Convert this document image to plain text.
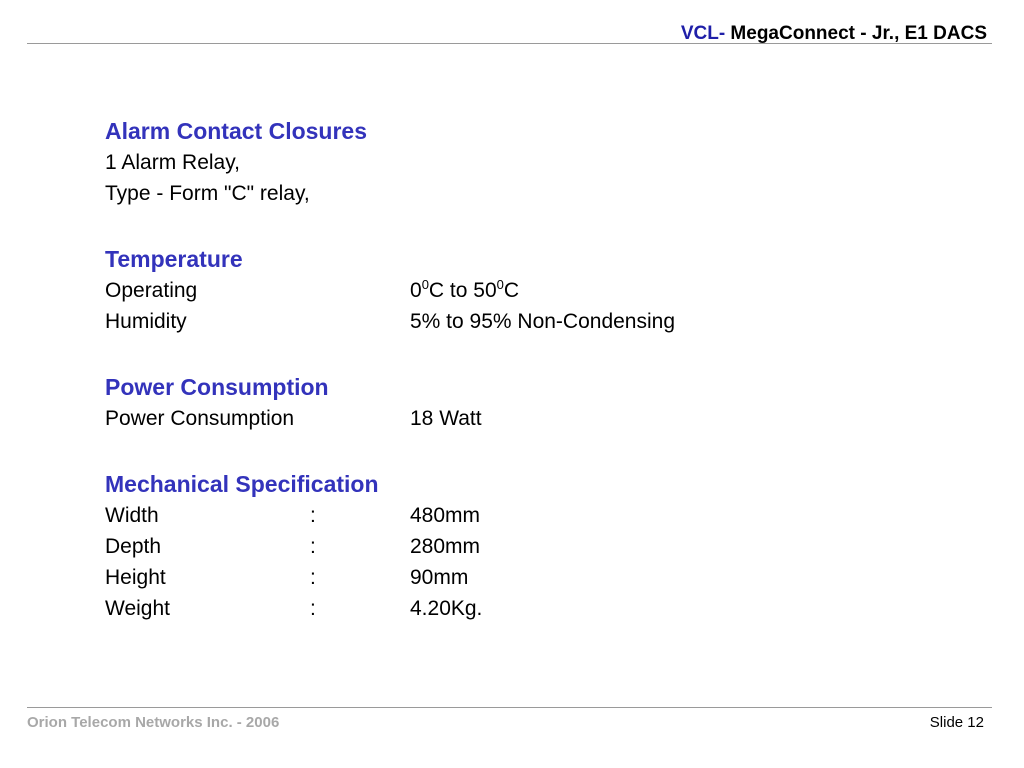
VCL- MegaConnect - Jr., E1 DACS
Alarm Contact Closures
1 Alarm Relay,
Type - Form "C" relay,
Temperature
Operating	$0^0C$ to $50^0C$
Humidity	5% to 95% Non-Condensing
Power Consumption
Power Consumption	18 Watt
Mechanical Specification
Width	:	480mm
Depth	:	280mm
Height	:	90mm
Weight	:	4.20Kg.
Orion Telecom Networks Inc. - 2006	Slide 12
